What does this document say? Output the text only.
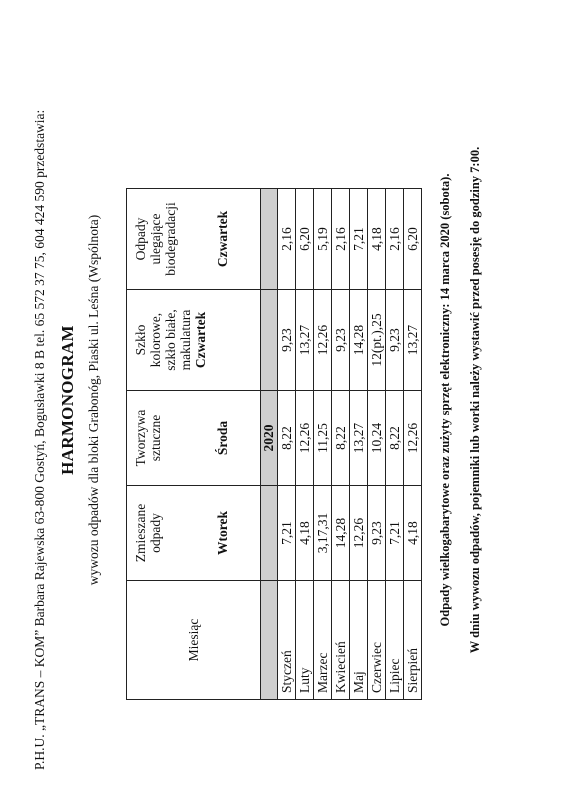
P.H.U. „TRANS – KOM” Barbara Rajewska 63-800 Gostyń, Bogusławki 8 B tel. 65 572 37 75, 604 424 590 przedstawia: HARMONOGRAM wywozu odpadów dla bloki Grabonóg, Piaski ul. Leśna (Wspólnota)
Miesiąc	Zmieszane
odpady Wtorek	Tworzywa
sztuczne Środa	Szkło
kolorowe,
szkło białe,
makulatura Czwartek	Odpady
ulegające
biodegradacji Czwartek

		2020		
Styczeń	7,21	8,22	9,23	2,16
Luty	4,18	12,26	13,27	6,20
Marzec	3,17,31	11,25	12,26	5,19
Kwiecień	14,28	8,22	9,23	2,16
Maj	12,26	13,27	14,28	7,21
Czerwiec	9,23	10,24	12(pt.),25	4,18
Lipiec	7,21	8,22	9,23	2,16
Sierpień	4,18	12,26	13,27	6,20 Odpady wielkogabarytowe oraz zużyty sprzęt elektroniczny: 14 marca 2020 (sobota). W dniu wywozu odpadów, pojemniki lub worki należy wystawić przed posesję do godziny 7:00.
